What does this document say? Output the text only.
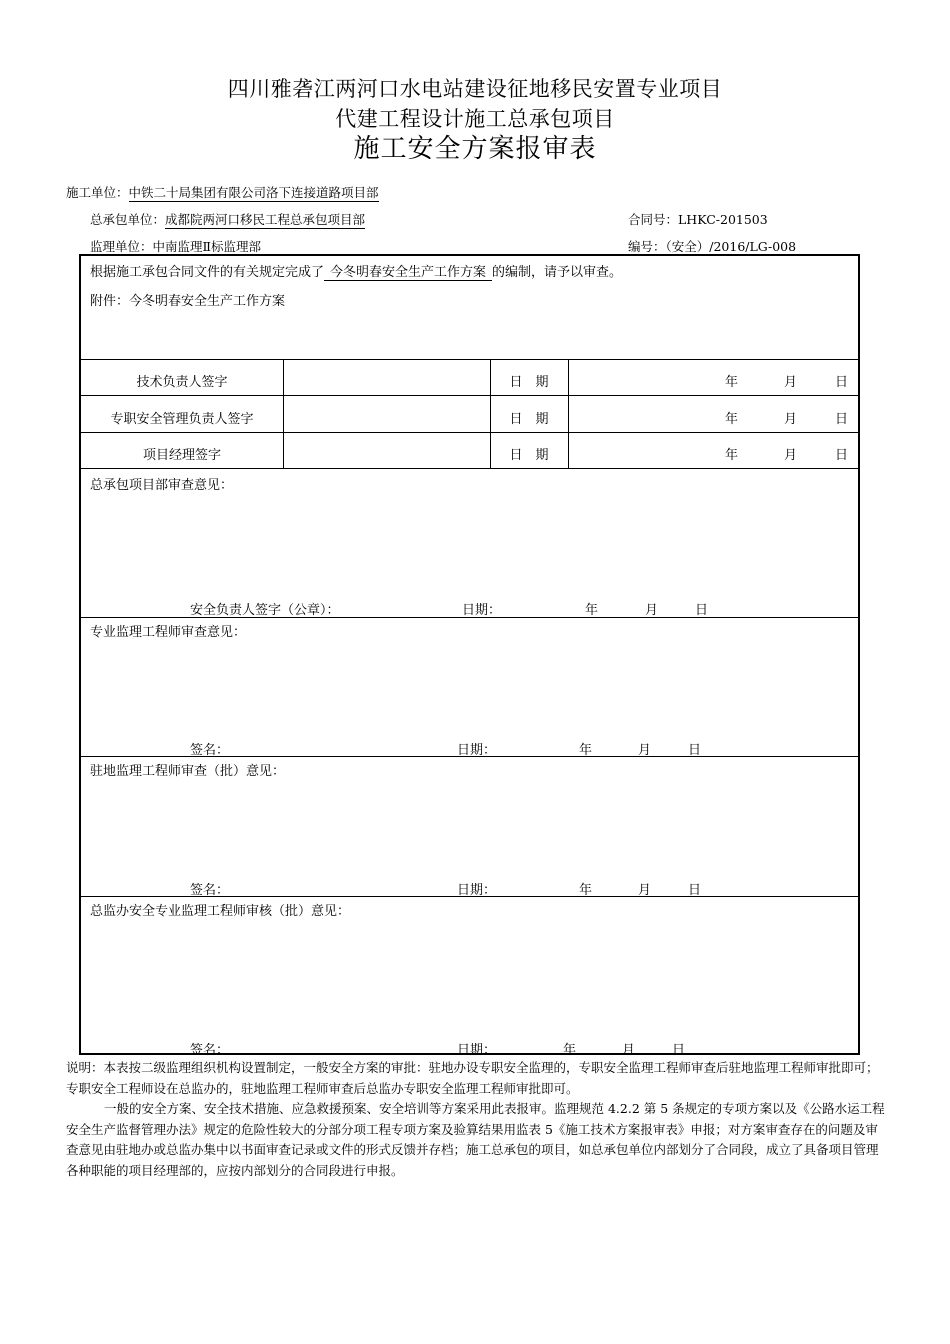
四川雅砻江两河口水电站建设征地移民安置专业项目
代建工程设计施工总承包项目
施工安全方案报审表
施工单位：中铁二十局集团有限公司洛下连接道路项目部
总承包单位：成都院两河口移民工程总承包项目部	合同号：LHKC-201503
监理单位：中南监理Ⅱ标监理部	编号：（安全）/2016/LG-008
根据施工承包合同文件的有关规定完成了 今冬明春安全生产工作方案 的编制，请予以审查。
附件：今冬明春安全生产工作方案
技术负责人签字	日　期	年	月	日
专职安全管理负责人签字	日　期	年	月	日
项目经理签字	日　期	年	月	日
总承包项目部审查意见：
安全负责人签字（公章）：	日期：	年	月	日
专业监理工程师审查意见：
签名：	日期：	年	月	日
驻地监理工程师审查（批）意见：
签名：	日期：	年	月	日
总监办安全专业监理工程师审核（批）意见：
签名：	日期：	年	月	日
说明：本表按二级监理组织机构设置制定，一般安全方案的审批：驻地办设专职安全监理的，专职安全监理工程师审查后驻地监理工程师审批即可；专职安全工程师设在总监办的，驻地监理工程师审查后总监办专职安全监理工程师审批即可。
一般的安全方案、安全技术措施、应急救援预案、安全培训等方案采用此表报审。监理规范 4.2.2 第 5 条规定的专项方案以及《公路水运工程安全生产监督管理办法》规定的危险性较大的分部分项工程专项方案及验算结果用监表 5《施工技术方案报审表》申报；对方案审查存在的问题及审查意见由驻地办或总监办集中以书面审查记录或文件的形式反馈并存档；施工总承包的项目，如总承包单位内部划分了合同段，成立了具备项目管理各种职能的项目经理部的，应按内部划分的合同段进行申报。
